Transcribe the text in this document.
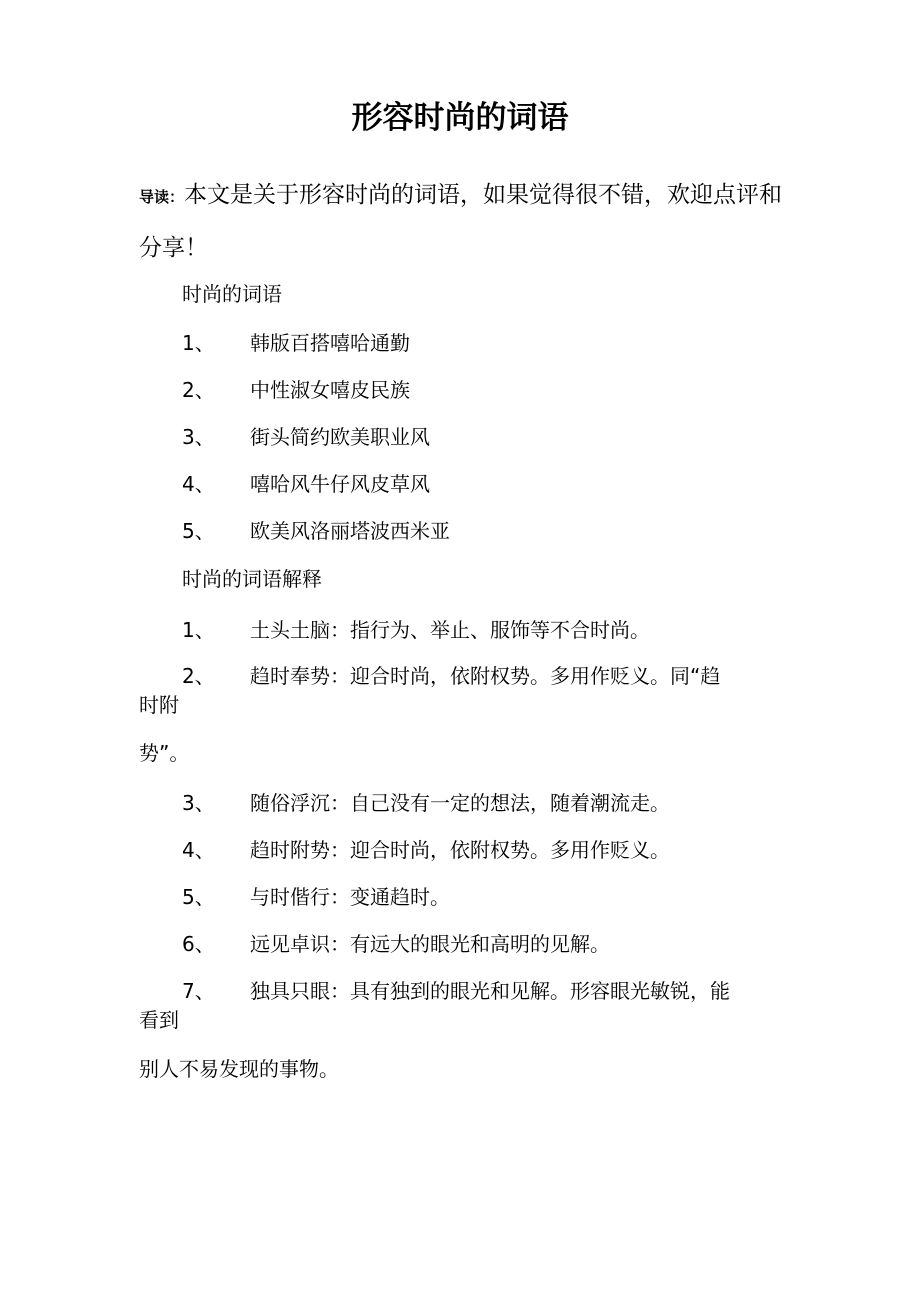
形容时尚的词语
导读：本文是关于形容时尚的词语，如果觉得很不错，欢迎点评和分享！
时尚的词语
1、 韩版百搭嘻哈通勤
2、 中性淑女嘻皮民族
3、 街头简约欧美职业风
4、 嘻哈风牛仔风皮草风
5、 欧美风洛丽塔波西米亚
时尚的词语解释
1、 土头土脑：指行为、举止、服饰等不合时尚。
2、 趋时奉势：迎合时尚，依附权势。多用作贬义。同“趋
时附
势”。
3、 随俗浮沉：自己没有一定的想法，随着潮流走。
4、 趋时附势：迎合时尚，依附权势。多用作贬义。
5、 与时偕行：变通趋时。
6、 远见卓识：有远大的眼光和高明的见解。
7、 独具只眼：具有独到的眼光和见解。形容眼光敏锐，能
看到
别人不易发现的事物。
